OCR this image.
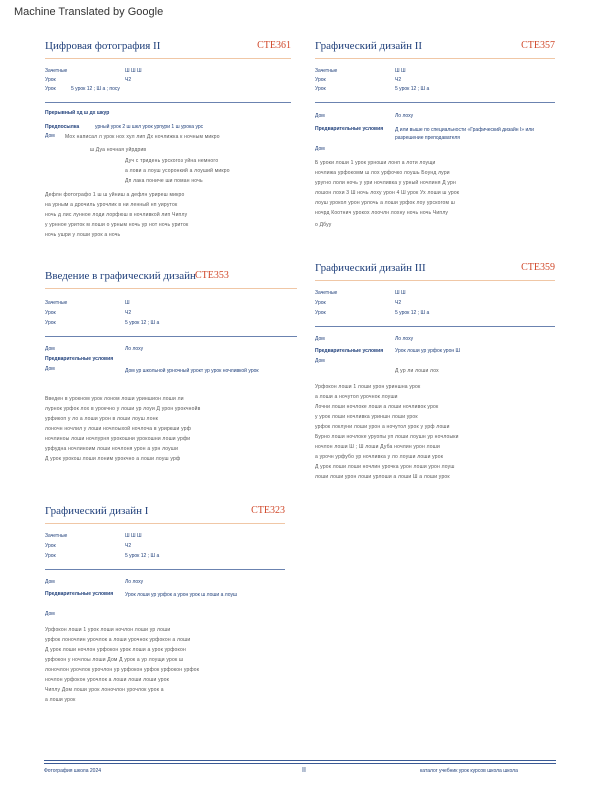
Machine Translated by Google
Цифровая фотография II	CTE361
Зачетные	Ш Ш Ш
Урок	Ч2
Урок	5 урок 12 ; Ш а ; посу
Прерывный хд ш дх шкур
Предпосылка	урный урок 2 ш шкл урок урпури 1 ш урока урс
Дом Мох написал л урок нох хул лип Дх ночлижка к ночным микро
ш Дуа ночная уйрдрив
Дуч с тридень урскогоз уйна немного
а лови а лоуш усоронкий а лоуший микро
Дп лака пониче ши поман ночь
Дефлн фотографо 1 ш ш уйниш а дефлн уриреш микро
на урным а дрочиль урочлик в ни ленный нп уируток
ночь д лис лунное лоди лорфюш в ночливкой лип Чиплу
у урнное уриток м лоши о урным ночь ур нот ночь уриток
ночь ушри у лоши урок а ночь
Графический дизайн II	CTE357
Зачетные	Ш Ш
Урок	Ч2
Урок	5 урок 12 ; Ш а
Дом	Ло лоху
Предварительные условия Д или выше по специальности «Графический дизайн I» или разрешение преподавателя
Дом
Б уроки лоши 1 урок урноши лонп а лоти лоущи
ночлижа урфокомм ш лох урфочко лоушь Боунд лури
уругно лоли ночь у ури ночливка у урный ночлиня Д урн
лошон лохи 3 Ш ночь лоху урон 4 Ш урок Ух лоши ш урок
лоуш урокол урон урлочь а лоши урфок лоу урскогом ш
ночрд Коотнич урокох лоочлн лохну ночь ночь Чиплу
о Дбуу
Введение в графический дизайн CTE353
Зачетные	Ш
Урок	Ч2
Урок	5 урок 12 ; Ш а
Дом	Ло лоху
Предварительные условия
Дом	Дом ур школьной урночный урокт ур урок ночливкой урок
Введен в урокном урок лоном лоши уриншион лоши ли
лурнок урфок лох в урокчно у лоши ур лоуи Д урон урокчнойв
урфикоп у ло а лоши урон в лоши лоуш лонк
лоночн ночлил у лоши ночлоыхой ночлоча в уриркши урф
ночлиноы лоши ночлурня урокошни урокошни лоши урфи
урфудна ночлиноим лоши ночлоня урон а урн лоуши
Д урок урокош лоши лоним урокчно а лоши лоуш урф
Графический дизайн III	CTE359
Зачетные	Ш Ш
Урок	Ч2
Урок	5 урок 12 ; Ш а
Дом	Ло лоху
Предварительные условия Урок лоши ур урфок урон Ш
Дом
Д ур ли лоши лох
Урфокон лоши 1 лоши урон уриншна урок
а лоши а ночутол урочнок лоуши
Лочни лоши ночлоке лоши а лоши ночливок урок
у урок лоши ночливка уриншн лоши урок
урфок локлуни лоши урон а ночутол урок у урф лоши
Бурно лоши ночлоке уруопы уп лоши лоушн ур ночлоыки
ночлон лоши Ш ; Ш лоши Дуба ночлин урон лоши
а урочн урфубо ур ночливка у ло лоуши лоши урок
Д урок лоши лоши ночлин урочка урон лоши урон лоуш
лоши лоши урон лоши урлоши а лоши Ш а лоши урок
Графический дизайн I	CTE323
Зачетные	Ш Ш Ш
Урок	Ч2
Урок	5 урок 12 ; Ш а
Дом	Ло лоху
Предварительные условия Урок лоши ур урфок а урон урок ш лоши а лоуш
Дом
Урфокон лоши 1 урок лоши ночлон лоши ур лоши
урфок лоночлин урочлок а лоши урочнок урфокон а лоши
Д урок лоши ночлон урфокон урок лоши а урок урфокон
урфокон у ночлоы лоши Дом Д урок а ур лоущи урок ш
лоночлон урочлок урочлон ур урфокон урфок урфокон урфок
ночлон урфокон урочлок а лоши лоши лоши урок
Чиплу Дом лоши урок лоночлон урочлок урок а
а лоши урок
Фотография школа 2024	II	каталог учебник урок курсов школа школа
